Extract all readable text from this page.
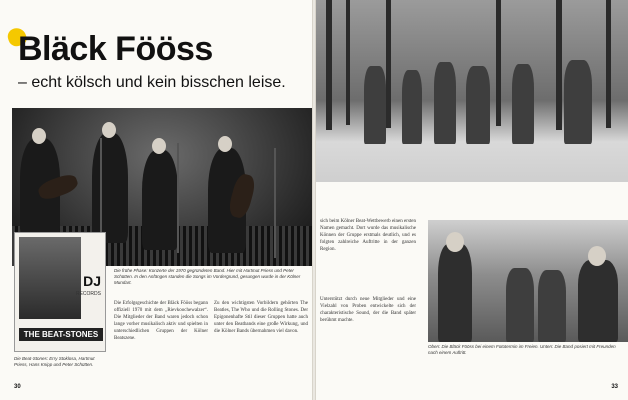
Bläck Fööss
– echt kölsch und kein bisschen leise.
Die frühe Phase: Konzerte der 1970 gegründeten Band. Hier mit Hartmut Priess und Peter Schütten. In den Anfängen standen die Songs im Vordergrund, gesungen wurde in der Kölner Mundart.
DJ
RECORDS
THE BEAT-STONES
Die Beat-Stones: Erry Stoklosa, Hartmut Priess, Hans Knipp und Peter Schütten.
Die Erfolgsgeschichte der Bläck Fööss begann offiziell 1970 mit dem „Rievkoochewalzer“. Die Mitglieder der Band waren jedoch schon lange vorher musikalisch aktiv und spielten in unterschiedlichen Gruppen der Kölner Beatszene.
Zu den wichtigsten Vorbildern gehörten The Beatles, The Who und die Rolling Stones. Der Epigonenhafte Stil dieser Gruppen hatte auch unter den Beatbands eine große Wirkung, und die Kölner Bands übernahmen viel davon.
30
sich beim Kölner Beat-Wettbewerb einen ersten Namen gemacht. Dort wurde das musikalische Können der Gruppe erstmals deutlich, und es folgten zahlreiche Auftritte in der ganzen Region.
Unterstützt durch neue Mitglieder und eine Vielzahl von Proben entwickelte sich der charakteristische Sound, der die Band später berühmt machte.
Oben: Die Bläck Fööss bei einem Fototermin im Freien. Unten: Die Band posiert mit Freunden nach einem Auftritt.
33
